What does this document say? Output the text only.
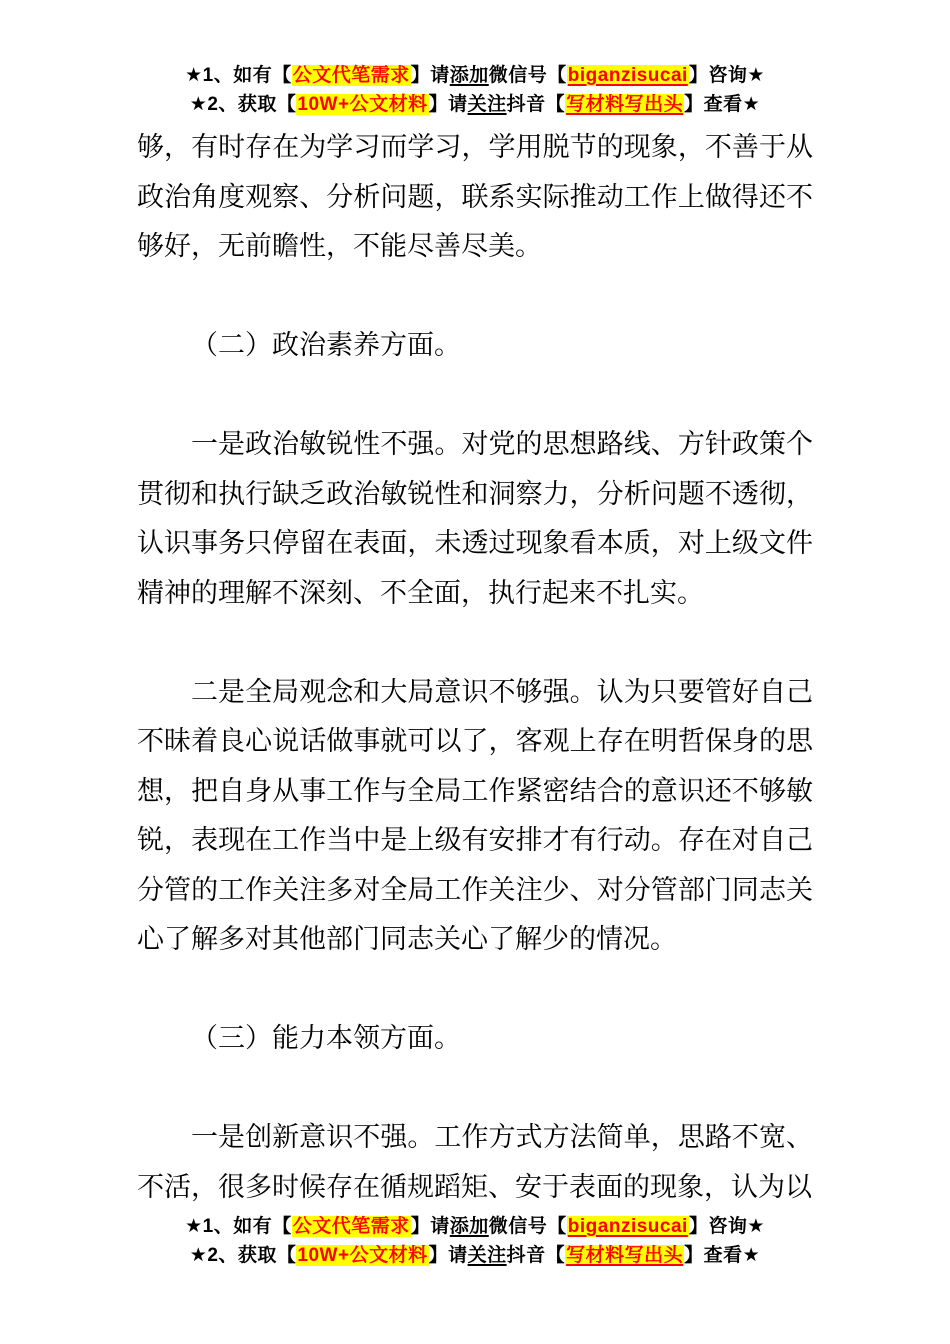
★1、如有【公文代笔需求】请添加微信号【biganzisucai】咨询★
★2、获取【10W+公文材料】请关注抖音【写材料写出头】查看★
够，有时存在为学习而学习，学用脱节的现象，不善于从政治角度观察、分析问题，联系实际推动工作上做得还不够好，无前瞻性，不能尽善尽美。
（二）政治素养方面。
一是政治敏锐性不强。对党的思想路线、方针政策个贯彻和执行缺乏政治敏锐性和洞察力，分析问题不透彻，认识事务只停留在表面，未透过现象看本质，对上级文件精神的理解不深刻、不全面，执行起来不扎实。
二是全局观念和大局意识不够强。认为只要管好自己不昧着良心说话做事就可以了，客观上存在明哲保身的思想，把自身从事工作与全局工作紧密结合的意识还不够敏锐，表现在工作当中是上级有安排才有行动。存在对自己分管的工作关注多对全局工作关注少、对分管部门同志关心了解多对其他部门同志关心了解少的情况。
（三）能力本领方面。
一是创新意识不强。工作方式方法简单，思路不宽、不活，很多时候存在循规蹈矩、安于表面的现象，认为以
★1、如有【公文代笔需求】请添加微信号【biganzisucai】咨询★
★2、获取【10W+公文材料】请关注抖音【写材料写出头】查看★
